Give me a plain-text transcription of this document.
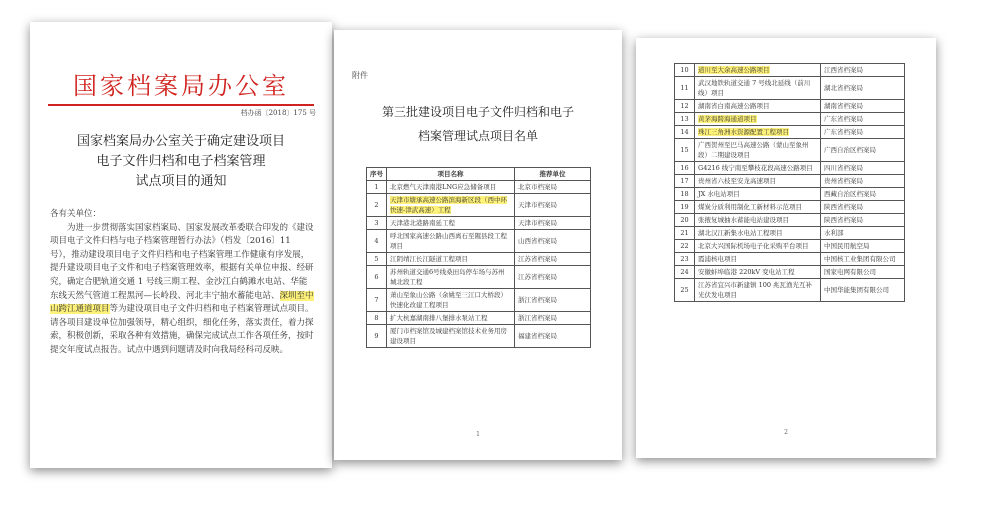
国家档案局办公室
档办函〔2018〕175 号
国家档案局办公室关于确定建设项目
电子文件归档和电子档案管理
试点项目的通知

各有关单位：

为进一步贯彻落实国家档案局、国家发展改革委联合印发的《建设项目电子文件归档与电子档案管理暂行办法》（档发〔2016〕11 号），推动建设项目电子文件归档和电子档案管理工作健康有序发展，提升建设项目电子文件和电子档案管理效率，根据有关单位申报、经研究，确定合肥轨道交通 1 号线三期工程、金沙江白鹤滩水电站、华能东线天然气管道工程黑河—长岭段、河北丰宁抽水蓄能电站、深圳至中山跨江通道项目等为建设项目电子文件归档和电子档案管理试点项目。请各项目建设单位加强领导，精心组织，细化任务，落实责任，着力探索，积极创新，采取各种有效措施，确保完成试点工作各项任务，按时提交年度试点报告。试点中遇到问题请及时向我局经科司反映。

附件
第三批建设项目电子文件归档和电子
档案管理试点项目名单
序号	项目名称	推荐单位
1	北京燃气天津南港LNG应急储备项目	北京市档案局
2	天津市塘承高速公路滨海新区段（西中环快速-津武高速）工程	天津市档案局
3	天津港北港路南延工程	天津市档案局
4	呼北国家高速公路山西离石至隰县段工程项目	山西省档案局
5	江阴靖江长江隧道工程项目	江苏省档案局
6	苏州轨道交通6号线桑田岛停车场与苏州城北段工程	江苏省档案局
7	萧山至象山公路（余姚至三江口大桥段）快速化改建工程项目	浙江省档案局
8	扩大杭嘉湖南排八堡排水泵站工程	浙江省档案局
9	厦门市档案馆及城建档案馆技术业务用房建设项目	福建省档案局
1
10	道川至大余高速公路项目	江西省档案局
11	武汉地铁轨道交通 7 号线北延线（前川线）项目	湖北省档案局
12	湖南省白南高速公路项目	湖南省档案局
13	黄茅海跨海通道项目	广东省档案局
14	珠江三角洲水资源配置工程项目	广东省档案局
15	广西贺州至巴马高速公路（蒙山至象州段）二期建设项目	广西自治区档案局
16	G4216 线宁南至攀枝花段高速公路项目	四川省档案局
17	贵州省六枝至安龙高速项目	贵州省档案局
18	JX 水电站项目	西藏自治区档案局
19	煤炭分质利用制化工新材料示范项目	陕西省档案局
20	张掖复城抽水蓄能电站建设项目	陕西省档案局
21	湖北汉江新集水电站工程项目	水利部
22	北京大兴国际机场电子化采购平台项目	中国民用航空局
23	霞浦核电项目	中国核工业集团有限公司
24	安徽蚌埠临港 220kV 变电站工程	国家电网有限公司
25	江苏省宜兴市新建镇 100 兆瓦渔光互补光伏发电项目	中国华能集团有限公司
2
